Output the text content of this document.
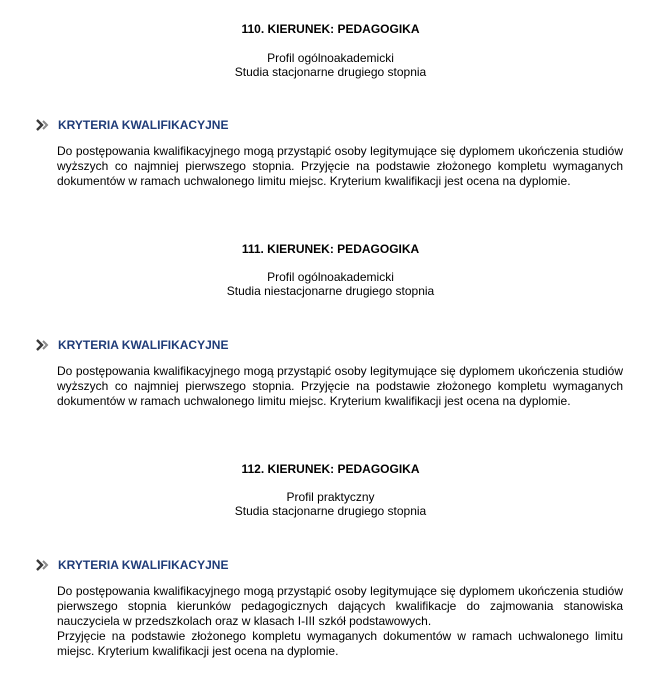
110. KIERUNEK: PEDAGOGIKA
Profil ogólnoakademicki
Studia stacjonarne drugiego stopnia
KRYTERIA KWALIFIKACYJNE

Do postępowania kwalifikacyjnego mogą przystąpić osoby legitymujące się dyplomem ukończenia studiów wyższych co najmniej pierwszego stopnia. Przyjęcie na podstawie złożonego kompletu wymaganych dokumentów w ramach uchwalonego limitu miejsc. Kryterium kwalifikacji jest ocena na dyplomie.

111. KIERUNEK: PEDAGOGIKA
Profil ogólnoakademicki
Studia niestacjonarne drugiego stopnia
KRYTERIA KWALIFIKACYJNE

Do postępowania kwalifikacyjnego mogą przystąpić osoby legitymujące się dyplomem ukończenia studiów wyższych co najmniej pierwszego stopnia. Przyjęcie na podstawie złożonego kompletu wymaganych dokumentów w ramach uchwalonego limitu miejsc. Kryterium kwalifikacji jest ocena na dyplomie.

112. KIERUNEK: PEDAGOGIKA
Profil praktyczny
Studia stacjonarne drugiego stopnia
KRYTERIA KWALIFIKACYJNE

Do postępowania kwalifikacyjnego mogą przystąpić osoby legitymujące się dyplomem ukończenia studiów pierwszego stopnia kierunków pedagogicznych dających kwalifikacje do zajmowania stanowiska nauczyciela w przedszkolach oraz w klasach I-III szkół podstawowych.

Przyjęcie na podstawie złożonego kompletu wymaganych dokumentów w ramach uchwalonego limitu miejsc. Kryterium kwalifikacji jest ocena na dyplomie.
